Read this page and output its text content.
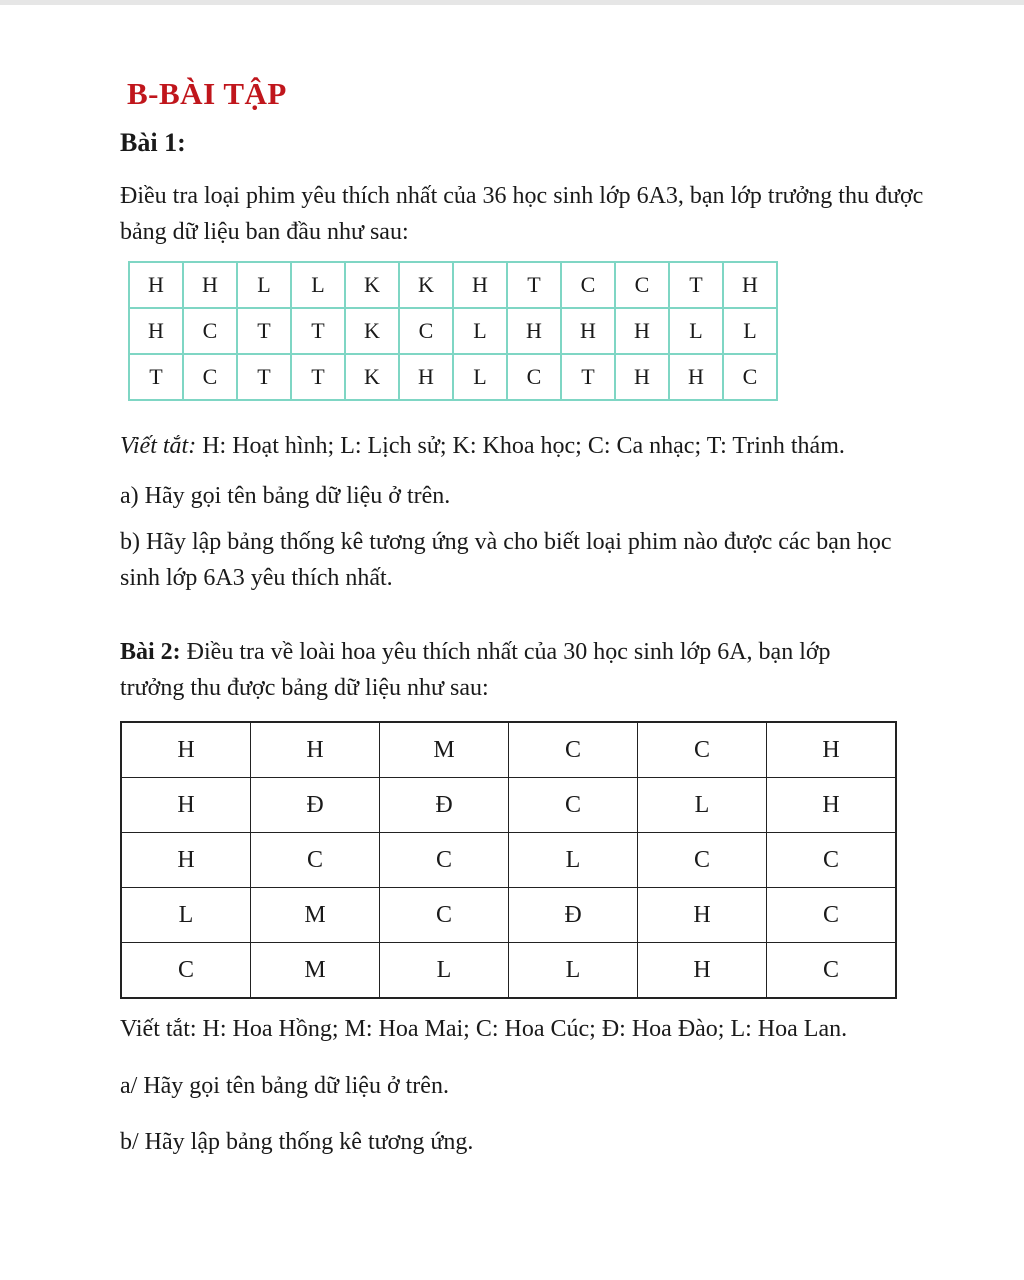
B-BÀI TẬP
Bài 1:

Điều tra loại phim yêu thích nhất của 36 học sinh lớp 6A3, bạn lớp trưởng thu được bảng dữ liệu ban đầu như sau:

H	H	L	L	K	K	H	T	C	C	T	H
H	C	T	T	K	C	L	H	H	H	L	L
T	C	T	T	K	H	L	C	T	H	H	C

Viết tắt: H: Hoạt hình; L: Lịch sử; K: Khoa học; C: Ca nhạc; T: Trinh thám.

a) Hãy gọi tên bảng dữ liệu ở trên.

b) Hãy lập bảng thống kê tương ứng và cho biết loại phim nào được các bạn học sinh lớp 6A3 yêu thích nhất.

Bài 2: Điều tra về loài hoa yêu thích nhất của 30 học sinh lớp 6A, bạn lớp trưởng thu được bảng dữ liệu như sau:

H	H	M	C	C	H
H	Đ	Đ	C	L	H
H	C	C	L	C	C
L	M	C	Đ	H	C
C	M	L	L	H	C

Viết tắt: H: Hoa Hồng; M: Hoa Mai; C: Hoa Cúc; Đ: Hoa Đào; L: Hoa Lan.

a/ Hãy gọi tên bảng dữ liệu ở trên.

b/ Hãy lập bảng thống kê tương ứng.
